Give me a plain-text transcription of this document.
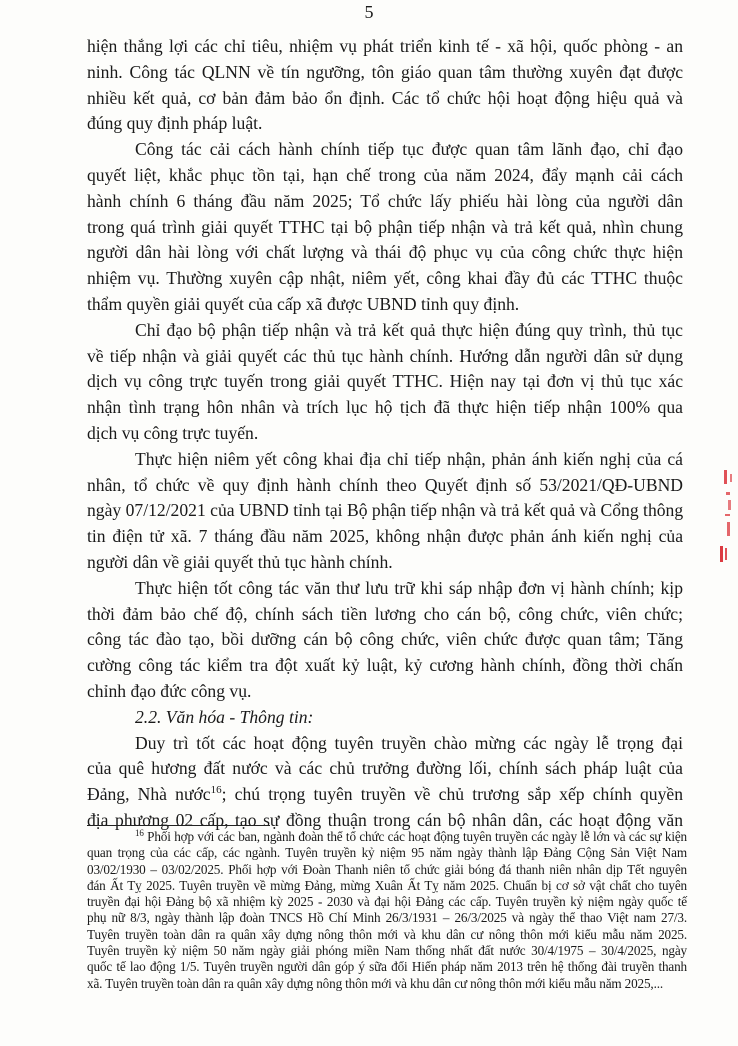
5
hiện thắng lợi các chỉ tiêu, nhiệm vụ phát triển kinh tế - xã hội, quốc phòng - an
ninh. Công tác QLNN về tín ngưỡng, tôn giáo quan tâm thường xuyên đạt được
nhiều kết quả, cơ bản đảm bảo ổn định. Các tổ chức hội hoạt động hiệu quả và
đúng quy định pháp luật.
Công tác cải cách hành chính tiếp tục được quan tâm lãnh đạo, chỉ đạo
quyết liệt, khắc phục tồn tại, hạn chế trong của năm 2024, đẩy mạnh cải cách
hành chính 6 tháng đầu năm 2025; Tổ chức lấy phiếu hài lòng của người dân
trong quá trình giải quyết TTHC tại bộ phận tiếp nhận và trả kết quả, nhìn chung
người dân hài lòng với chất lượng và thái độ phục vụ của công chức thực hiện
nhiệm vụ. Thường xuyên cập nhật, niêm yết, công khai đầy đủ các TTHC thuộc
thẩm quyền giải quyết của cấp xã được UBND tỉnh quy định.
Chỉ đạo bộ phận tiếp nhận và trả kết quả thực hiện đúng quy trình, thủ tục
về tiếp nhận và giải quyết các thủ tục hành chính. Hướng dẫn người dân sử dụng
dịch vụ công trực tuyến trong giải quyết TTHC. Hiện nay tại đơn vị thủ tục xác
nhận tình trạng hôn nhân và trích lục hộ tịch đã thực hiện tiếp nhận 100% qua
dịch vụ công trực tuyến.
Thực hiện niêm yết công khai địa chỉ tiếp nhận, phản ánh kiến nghị của cá
nhân, tổ chức về quy định hành chính theo Quyết định số 53/2021/QĐ-UBND
ngày 07/12/2021 của UBND tỉnh tại Bộ phận tiếp nhận và trả kết quả và Cổng thông
tin điện tử xã. 7 tháng đầu năm 2025, không nhận được phản ánh kiến nghị của
người dân về giải quyết thủ tục hành chính.
Thực hiện tốt công tác văn thư lưu trữ khi sáp nhập đơn vị hành chính; kịp
thời đảm bảo chế độ, chính sách tiền lương cho cán bộ, công chức, viên chức;
công tác đào tạo, bồi dưỡng cán bộ công chức, viên chức được quan tâm; Tăng
cường công tác kiểm tra đột xuất kỷ luật, kỷ cương hành chính, đồng thời chấn
chỉnh đạo đức công vụ.
2.2. Văn hóa - Thông tin:
Duy trì tốt các hoạt động tuyên truyền chào mừng các ngày lễ trọng đại
của quê hương đất nước và các chủ trưởng đường lối, chính sách pháp luật của
Đảng, Nhà nước$^{16}$; chú trọng tuyên truyền về chủ trương sắp xếp chính quyền
địa phương 02 cấp, tạo sự đồng thuận trong cán bộ nhân dân, các hoạt động văn
$^{16}$ Phối hợp với các ban, ngành đoàn thể tổ chức các hoạt động tuyên truyền các ngày lễ lớn và các sự kiện
quan trọng của các cấp, các ngành. Tuyên truyền kỷ niệm 95 năm ngày thành lập Đảng Cộng Sản Việt Nam
03/02/1930 – 03/02/2025. Phối hợp với Đoàn Thanh niên tổ chức giải bóng đá thanh niên nhân dịp Tết nguyên
đán Ất Tỵ 2025. Tuyên truyền về mừng Đảng, mừng Xuân Ất Tỵ năm 2025. Chuẩn bị cơ sở vật chất cho tuyên
truyền đại hội Đảng bộ xã nhiệm kỳ 2025 - 2030 và đại hội Đảng các cấp. Tuyên truyền kỷ niệm ngày quốc tế
phụ nữ 8/3, ngày thành lập đoàn TNCS Hồ Chí Minh 26/3/1931 – 26/3/2025 và ngày thể thao Việt nam 27/3.
Tuyên truyền toàn dân ra quân xây dựng nông thôn mới và khu dân cư nông thôn mới kiểu mẫu năm 2025.
Tuyên truyền kỷ niệm 50 năm ngày giải phóng miền Nam thống nhất đất nước 30/4/1975 – 30/4/2025, ngày
quốc tế lao động 1/5. Tuyên truyền người dân góp ý sữa đổi Hiến pháp năm 2013 trên hệ thống đài truyền thanh
xã. Tuyên truyền toàn dân ra quân xây dựng nông thôn mới và khu dân cư nông thôn mới kiểu mẫu năm 2025,...
